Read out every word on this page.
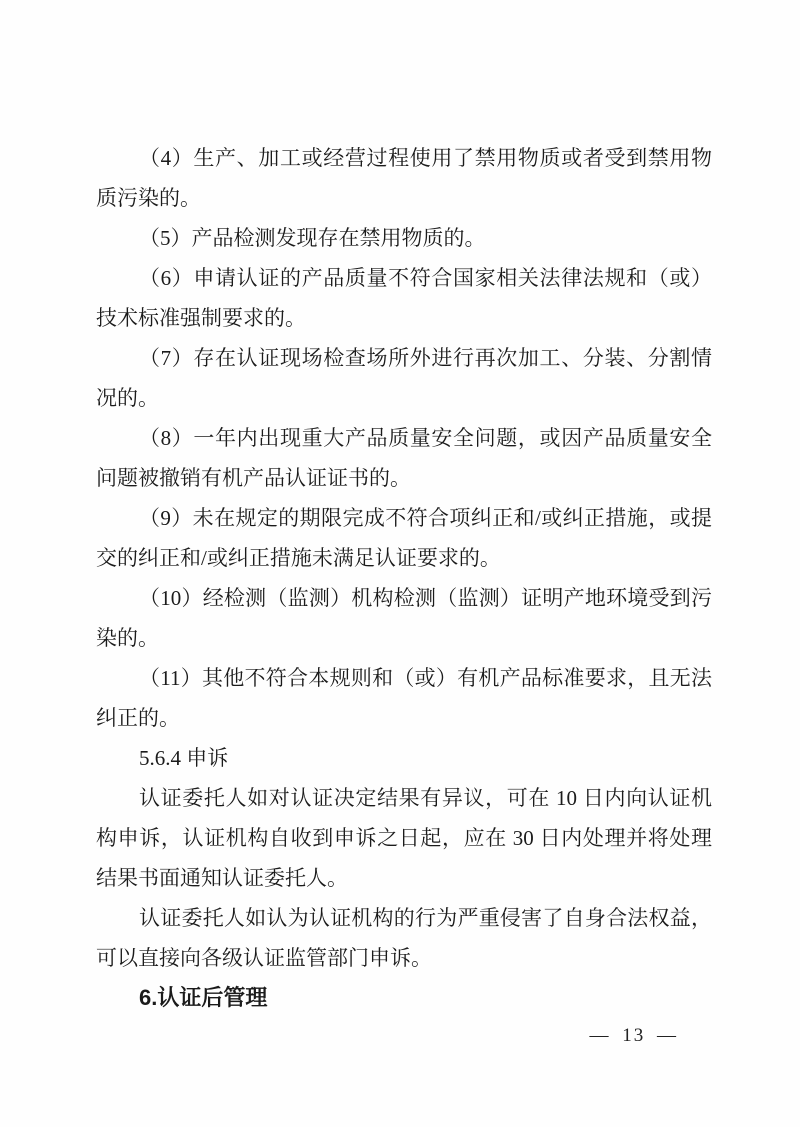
（4）生产、加工或经营过程使用了禁用物质或者受到禁用物
质污染的。
（5）产品检测发现存在禁用物质的。
（6）申请认证的产品质量不符合国家相关法律法规和（或）
技术标准强制要求的。
（7）存在认证现场检查场所外进行再次加工、分装、分割情
况的。
（8）一年内出现重大产品质量安全问题，或因产品质量安全
问题被撤销有机产品认证证书的。
（9）未在规定的期限完成不符合项纠正和/或纠正措施，或提
交的纠正和/或纠正措施未满足认证要求的。
（10）经检测（监测）机构检测（监测）证明产地环境受到污
染的。
（11）其他不符合本规则和（或）有机产品标准要求，且无法
纠正的。
5.6.4 申诉
认证委托人如对认证决定结果有异议，可在 10 日内向认证机
构申诉，认证机构自收到申诉之日起，应在 30 日内处理并将处理
结果书面通知认证委托人。
认证委托人如认为认证机构的行为严重侵害了自身合法权益，
可以直接向各级认证监管部门申诉。
6.认证后管理
— 13 —
